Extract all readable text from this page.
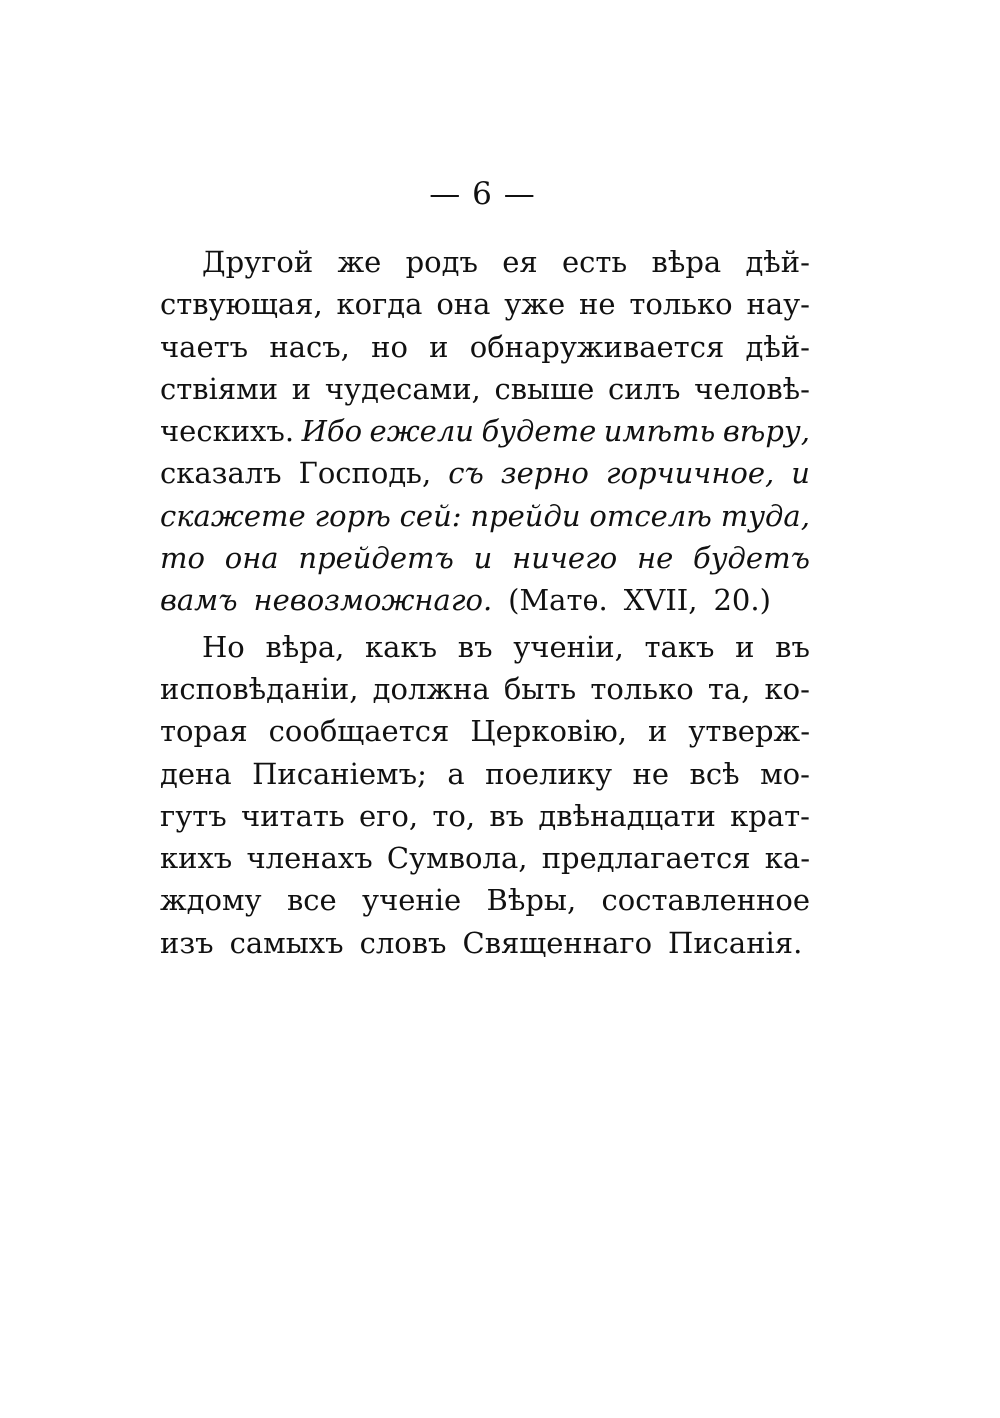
— 6 —
Другой же родъ ея есть вѣра дѣй-
ствующая, когда она уже не только нау-
чаетъ насъ, но и обнаруживается дѣй-
ствіями и чудесами, свыше силъ человѣ-
ческихъ. Ибо ежели будете имѣть вѣру,
сказалъ Господь, съ зерно горчичное, и
скажете горѣ сей: прейди отселѣ туда,
то она прейдетъ и ничего не будетъ
вамъ невозможнаго. (Матѳ. XVII, 20.)
Но вѣра, какъ въ ученіи, такъ и въ
исповѣданіи, должна быть только та, ко-
торая сообщается Церковію, и утверж-
дена Писаніемъ; а поелику не всѣ мо-
гутъ читать его, то, въ двѣнадцати крат-
кихъ членахъ Сумвола, предлагается ка-
ждому все ученіе Вѣры, составленное
изъ самыхъ словъ Священнаго Писанія.
